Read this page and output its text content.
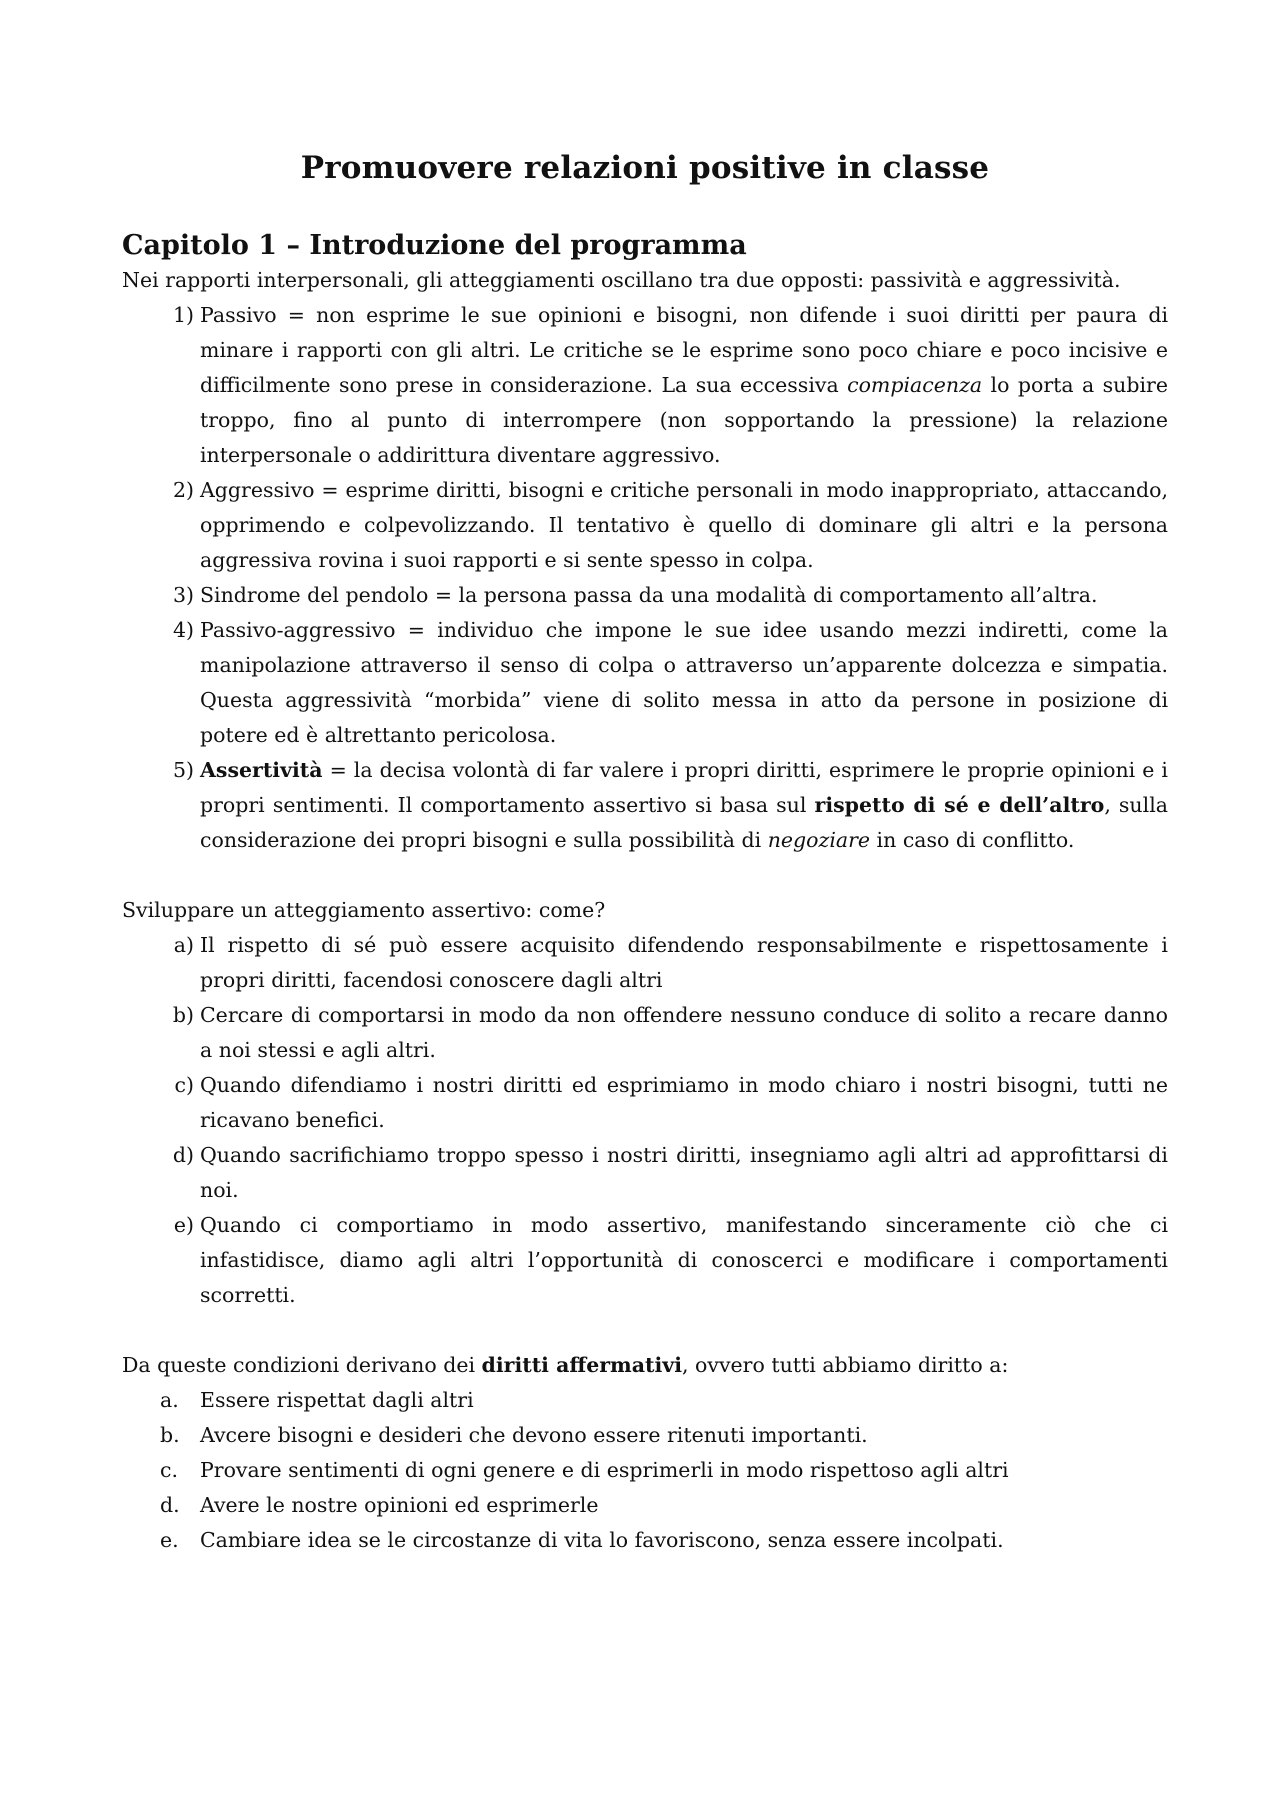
Promuovere relazioni positive in classe
Capitolo 1 – Introduzione del programma

Nei rapporti interpersonali, gli atteggiamenti oscillano tra due opposti: passività e aggressività.

1) Passivo = non esprime le sue opinioni e bisogni, non difende i suoi diritti per paura di minare i rapporti con gli altri. Le critiche se le esprime sono poco chiare e poco incisive e difficilmente sono prese in considerazione. La sua eccessiva compiacenza lo porta a subire troppo, fino al punto di interrompere (non sopportando la pressione) la relazione interpersonale o addirittura diventare aggressivo.
2) Aggressivo = esprime diritti, bisogni e critiche personali in modo inappropriato, attaccando, opprimendo e colpevolizzando. Il tentativo è quello di dominare gli altri e la persona aggressiva rovina i suoi rapporti e si sente spesso in colpa.
3) Sindrome del pendolo = la persona passa da una modalità di comportamento all’altra.
4) Passivo-aggressivo = individuo che impone le sue idee usando mezzi indiretti, come la manipolazione attraverso il senso di colpa o attraverso un’apparente dolcezza e simpatia. Questa aggressività “morbida” viene di solito messa in atto da persone in posizione di potere ed è altrettanto pericolosa.
5) Assertività = la decisa volontà di far valere i propri diritti, esprimere le proprie opinioni e i propri sentimenti. Il comportamento assertivo si basa sul rispetto di sé e dell’altro, sulla considerazione dei propri bisogni e sulla possibilità di negoziare in caso di conflitto.

Sviluppare un atteggiamento assertivo: come?

a) Il rispetto di sé può essere acquisito difendendo responsabilmente e rispettosamente i propri diritti, facendosi conoscere dagli altri
b) Cercare di comportarsi in modo da non offendere nessuno conduce di solito a recare danno a noi stessi e agli altri.
c) Quando difendiamo i nostri diritti ed esprimiamo in modo chiaro i nostri bisogni, tutti ne ricavano benefici.
d) Quando sacrifichiamo troppo spesso i nostri diritti, insegniamo agli altri ad approfittarsi di noi.
e) Quando ci comportiamo in modo assertivo, manifestando sinceramente ciò che ci infastidisce, diamo agli altri l’opportunità di conoscerci e modificare i comportamenti scorretti.

Da queste condizioni derivano dei diritti affermativi, ovvero tutti abbiamo diritto a:

a.	Essere rispettat dagli altri
b. Avcere bisogni e desideri che devono essere ritenuti importanti.
c.	Provare sentimenti di ogni genere e di esprimerli in modo rispettoso agli altri
d. Avere le nostre opinioni ed esprimerle
e.	Cambiare idea se le circostanze di vita lo favoriscono, senza essere incolpati.
